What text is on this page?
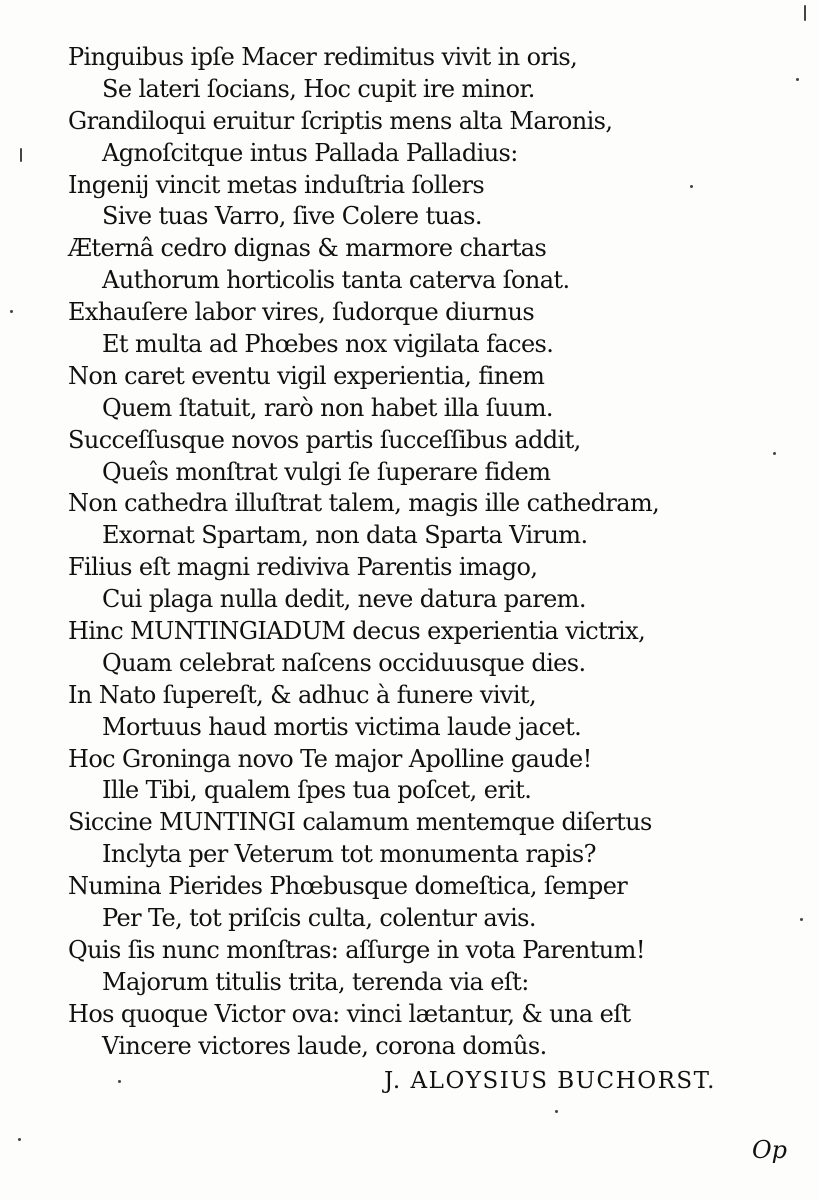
Pinguibus ipſe Macer redimitus vivit in oris,
Se lateri ſocians, Hoc cupit ire minor.
Grandiloqui eruitur ſcriptis mens alta Maronis,
Agnoſcitque intus Pallada Palladius:
Ingenij vincit metas induſtria ſollers
Sive tuas Varro, ſive Colere tuas.
Æternâ cedro dignas & marmore chartas
Authorum horticolis tanta caterva ſonat.
Exhauſere labor vires, ſudorque diurnus
Et multa ad Phœbes nox vigilata faces.
Non caret eventu vigil experientia, finem
Quem ſtatuit, rarò non habet illa ſuum.
Succeſſusque novos partis ſucceſſibus addit,
Queîs monſtrat vulgi ſe ſuperare fidem
Non cathedra illuſtrat talem, magis ille cathedram,
Exornat Spartam, non data Sparta Virum.
Filius eſt magni rediviva Parentis imago,
Cui plaga nulla dedit, neve datura parem.
Hinc MUNTINGIADUM decus experientia victrix,
Quam celebrat naſcens occiduusque dies.
In Nato ſupereſt, & adhuc à funere vivit,
Mortuus haud mortis victima laude jacet.
Hoc Groninga novo Te major Apolline gaude!
Ille Tibi, qualem ſpes tua poſcet, erit.
Siccine MUNTINGI calamum mentemque diſertus
Inclyta per Veterum tot monumenta rapis?
Numina Pierides Phœbusque domeſtica, ſemper
Per Te, tot priſcis culta, colentur avis.
Quis ſis nunc monſtras: aſſurge in vota Parentum!
Majorum titulis trita, terenda via eſt:
Hos quoque Victor ova: vinci lætantur, & una eſt
Vincere victores laude, corona domûs.
J. ALOYSIUS BUCHORST.
Op
